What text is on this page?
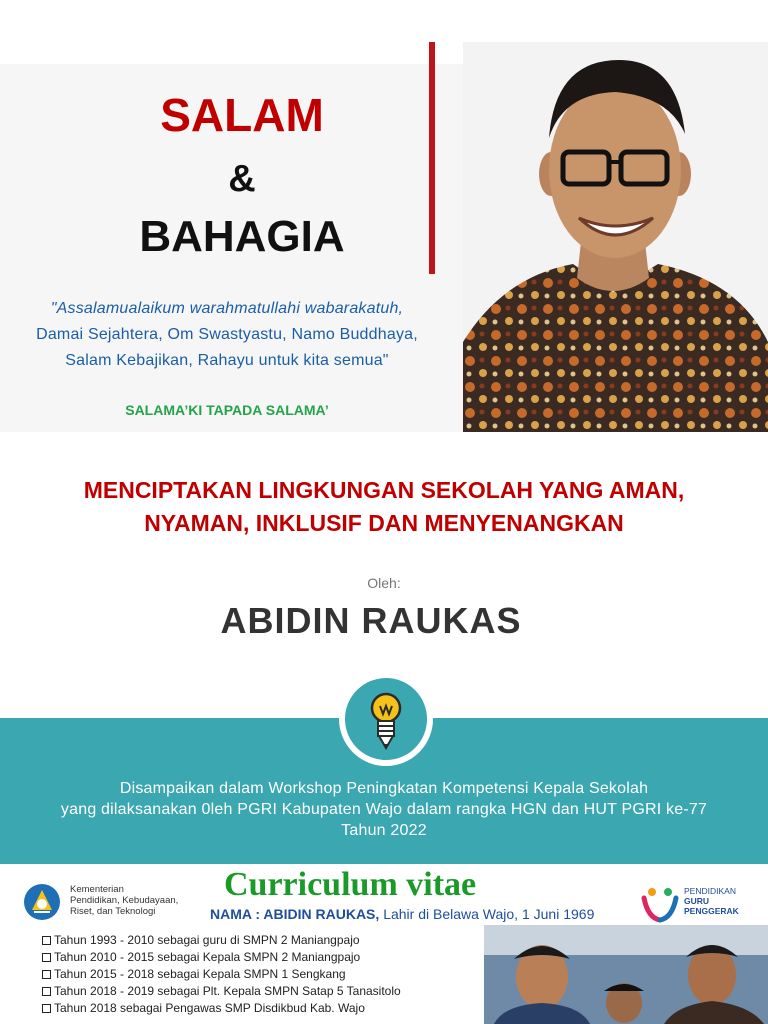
SALAM
&
BAHAGIA
"Assalamualaikum warahmatullahi wabarakatuh,
Damai Sejahtera, Om Swastyastu, Namo Buddhaya,
Salam Kebajikan, Rahayu untuk kita semua"
SALAMA’KI TAPADA SALAMA’
MENCIPTAKAN LINGKUNGAN SEKOLAH YANG AMAN,
NYAMAN, INKLUSIF DAN MENYENANGKAN
Oleh:
ABIDIN RAUKAS
Disampaikan dalam Workshop Peningkatan Kompetensi Kepala Sekolah
yang dilaksanakan 0leh PGRI Kabupaten Wajo dalam rangka HGN dan HUT PGRI ke-77
Tahun 2022
Kementerian
Pendidikan, Kebudayaan,
Riset, dan Teknologi
Curriculum vitae
NAMA : ABIDIN RAUKAS, Lahir di Belawa Wajo, 1 Juni 1969
PENDIDIKAN
GURU
PENGGERAK
Tahun 1993 - 2010 sebagai guru di SMPN 2 Maniangpajo
Tahun 2010 - 2015 sebagai Kepala SMPN 2 Maniangpajo
Tahun 2015 - 2018 sebagai Kepala SMPN 1 Sengkang
Tahun 2018 - 2019 sebagai Plt. Kepala SMPN Satap 5 Tanasitolo
Tahun 2018 sebagai Pengawas SMP Disdikbud Kab. Wajo
